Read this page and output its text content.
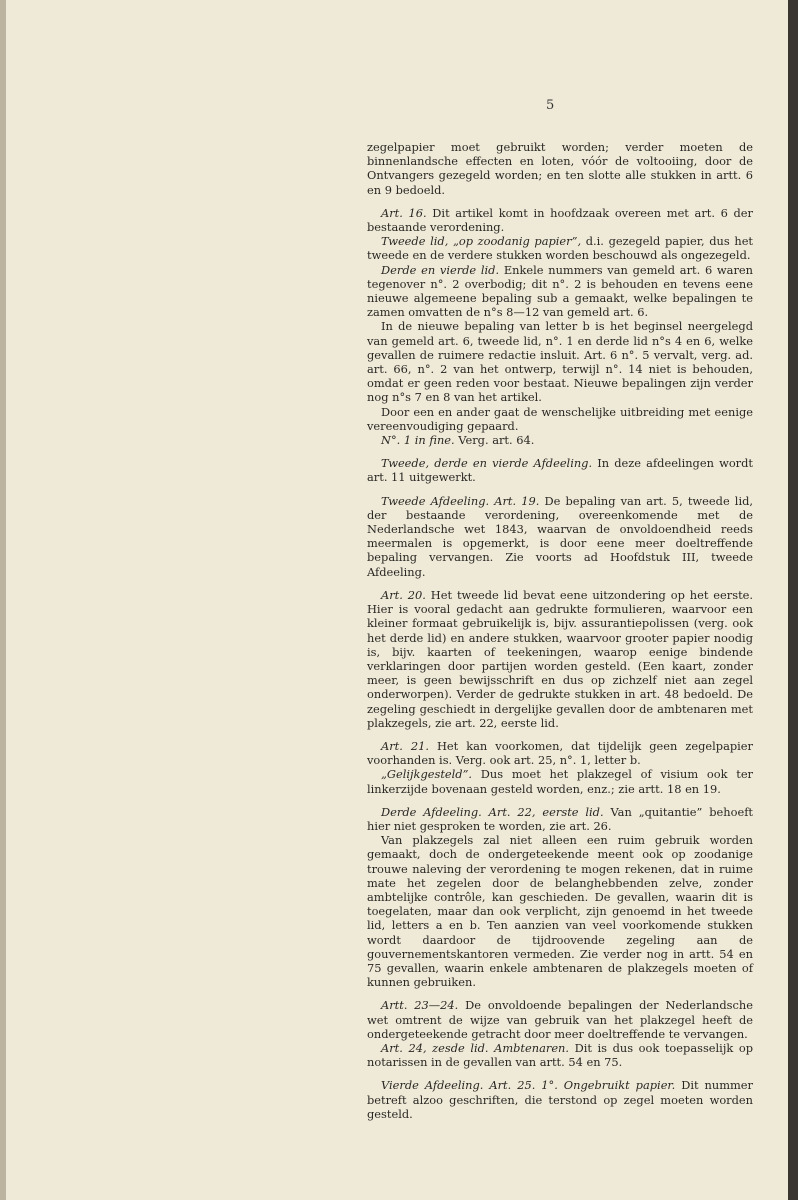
5

zegelpapier moet gebruikt worden; verder moeten de binnenlandsche effecten en loten, vóór de voltooiing, door de Ontvangers gezegeld worden; en ten slotte alle stukken in artt. 6 en 9 bedoeld.

Art. 16. Dit artikel komt in hoofdzaak overeen met art. 6 der bestaande verordening.

Tweede lid, „op zoodanig papier”, d.i. gezegeld papier, dus het tweede en de verdere stukken worden beschouwd als ongezegeld.

Derde en vierde lid. Enkele nummers van gemeld art. 6 waren tegenover n°. 2 overbodig; dit n°. 2 is behouden en tevens eene nieuwe algemeene bepaling sub a gemaakt, welke bepalingen te zamen omvatten de n°s 8—12 van gemeld art. 6.

In de nieuwe bepaling van letter b is het beginsel neergelegd van gemeld art. 6, tweede lid, n°. 1 en derde lid n°s 4 en 6, welke gevallen de ruimere redactie insluit. Art. 6 n°. 5 vervalt, verg. ad. art. 66, n°. 2 van het ontwerp, terwijl n°. 14 niet is behouden, omdat er geen reden voor bestaat. Nieuwe bepalingen zijn verder nog n°s 7 en 8 van het artikel.

Door een en ander gaat de wenschelijke uitbreiding met eenige vereenvoudiging gepaard.

N°. 1 in fine. Verg. art. 64.

Tweede, derde en vierde Afdeeling. In deze afdeelingen wordt art. 11 uitgewerkt.

Tweede Afdeeling. Art. 19. De bepaling van art. 5, tweede lid, der bestaande verordening, overeenkomende met de Nederlandsche wet 1843, waarvan de onvoldoendheid reeds meermalen is opgemerkt, is door eene meer doeltreffende bepaling vervangen. Zie voorts ad Hoofdstuk III, tweede Afdeeling.

Art. 20. Het tweede lid bevat eene uitzondering op het eerste. Hier is vooral gedacht aan gedrukte formulieren, waarvoor een kleiner formaat gebruikelijk is, bijv. assurantiepolissen (verg. ook het derde lid) en andere stukken, waarvoor grooter papier noodig is, bijv. kaarten of teekeningen, waarop eenige bindende verklaringen door partijen worden gesteld. (Een kaart, zonder meer, is geen bewijsschrift en dus op zichzelf niet aan zegel onderworpen). Verder de gedrukte stukken in art. 48 bedoeld. De zegeling geschiedt in dergelijke gevallen door de ambtenaren met plakzegels, zie art. 22, eerste lid.

Art. 21. Het kan voorkomen, dat tijdelijk geen zegelpapier voorhanden is. Verg. ook art. 25, n°. 1, letter b.

„Gelijkgesteld”. Dus moet het plakzegel of visium ook ter linkerzijde bovenaan gesteld worden, enz.; zie artt. 18 en 19.

Derde Afdeeling. Art. 22, eerste lid. Van „quitantie” behoeft hier niet gesproken te worden, zie art. 26.

Van plakzegels zal niet alleen een ruim gebruik worden gemaakt, doch de ondergeteekende meent ook op zoodanige trouwe naleving der verordening te mogen rekenen, dat in ruime mate het zegelen door de belanghebbenden zelve, zonder ambtelijke contrôle, kan geschieden. De gevallen, waarin dit is toegelaten, maar dan ook verplicht, zijn genoemd in het tweede lid, letters a en b. Ten aanzien van veel voorkomende stukken wordt daardoor de tijdroovende zegeling aan de gouvernementskantoren vermeden. Zie verder nog in artt. 54 en 75 gevallen, waarin enkele ambtenaren de plakzegels moeten of kunnen gebruiken.

Artt. 23—24. De onvoldoende bepalingen der Nederlandsche wet omtrent de wijze van gebruik van het plakzegel heeft de ondergeteekende getracht door meer doeltreffende te vervangen.

Art. 24, zesde lid. Ambtenaren. Dit is dus ook toepasselijk op notarissen in de gevallen van artt. 54 en 75.

Vierde Afdeeling. Art. 25. 1°. Ongebruikt papier. Dit nummer betreft alzoo geschriften, die terstond op zegel moeten worden gesteld.
